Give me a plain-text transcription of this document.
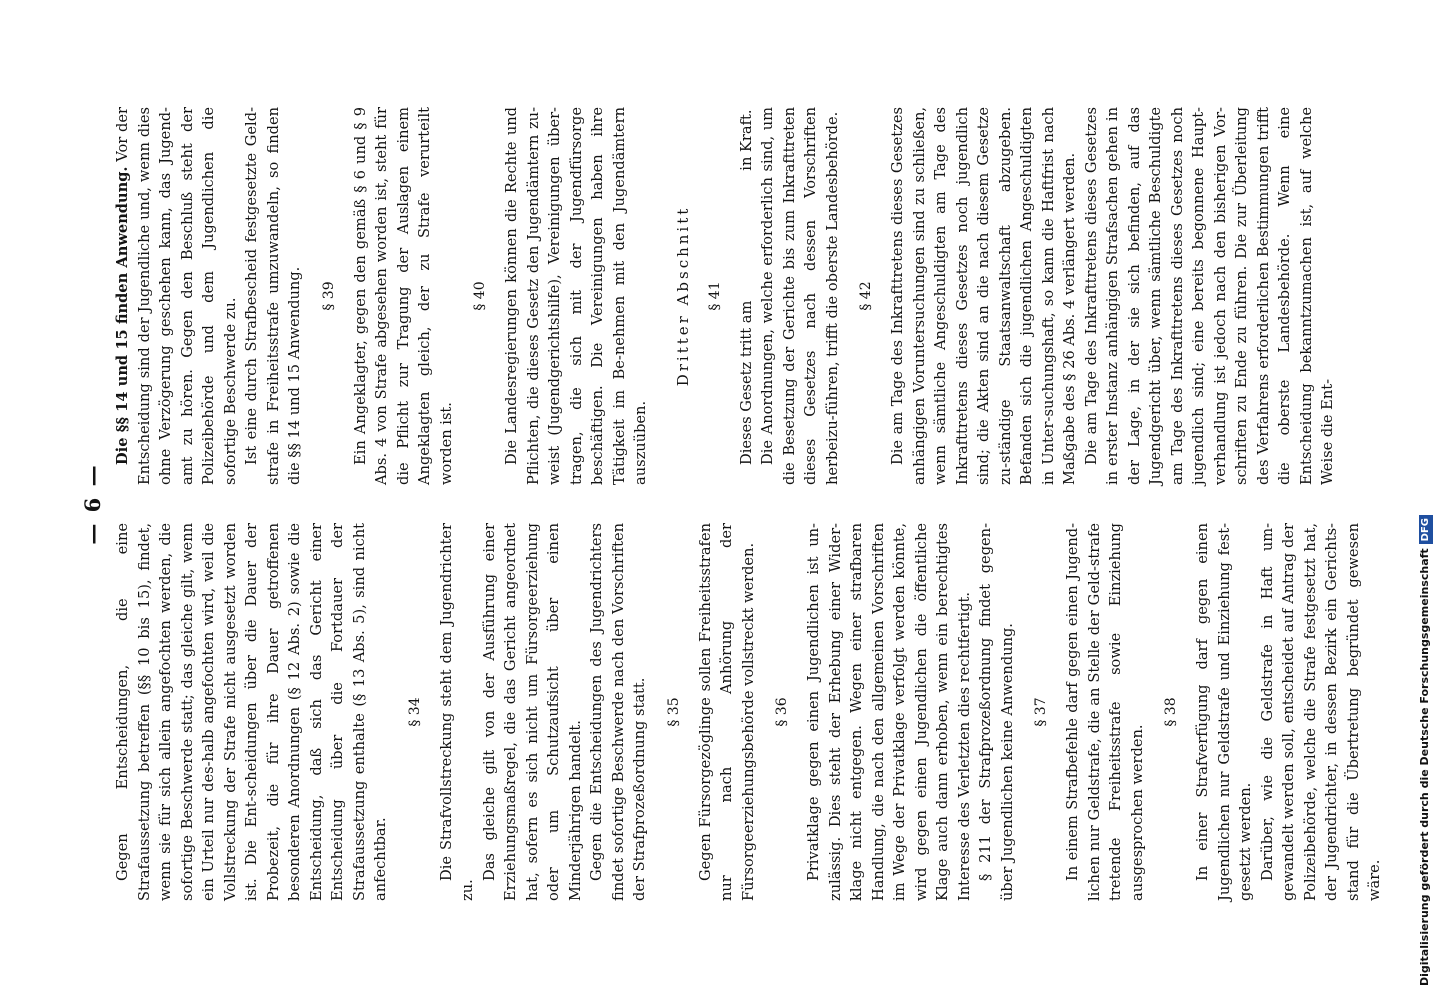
— 6 —

Gegen Entscheidungen, die eine Strafaussetzung betreffen (§§ 10 bis 15), findet, wenn sie für sich allein angefochten werden, die sofortige Beschwerde statt; das gleiche gilt, wenn ein Urteil nur des-halb angefochten wird, weil die Vollstreckung der Strafe nicht ausgesetzt worden ist. Die Ent-scheidungen über die Dauer der Probezeit, die für ihre Dauer getroffenen besonderen Anordnungen (§ 12 Abs. 2) sowie die Entscheidung, daß sich das Gericht einer Entscheidung über die Fortdauer der Strafaussetzung enthalte (§ 13 Abs. 5), sind nicht anfechtbar.

§ 34 Die Strafvollstreckung steht dem Jugendrichter zu.

Das gleiche gilt von der Ausführung einer Erziehungsmaßregel, die das Gericht angeordnet hat, sofern es sich nicht um Fürsorgeerziehung oder um Schutzaufsicht über einen Minderjährigen handelt. Gegen die Entscheidungen des Jugendrichters findet sofortige Beschwerde nach den Vorschriften der Strafprozeßordnung statt. § 35 Gegen Fürsorgezöglinge sollen Freiheitsstrafen nur nach Anhörung der Fürsorgeerziehungsbehörde vollstreckt werden. § 36 Privatklage gegen einen Jugendlichen ist un-zulässig. Dies steht der Erhebung einer Wider-klage nicht entgegen. Wegen einer strafbaren Handlung, die nach den allgemeinen Vorschriften im Wege der Privatklage verfolgt werden könnte, wird gegen einen Jugendlichen die öffentliche Klage auch dann erhoben, wenn ein berechtigtes Interesse des Verletzten dies rechtfertigt. § 211 der Strafprozeßordnung findet gegen-über Jugendlichen keine Anwendung. § 37 In einem Strafbefehle darf gegen einen Jugend-lichen nur Geldstrafe, die an Stelle der Geld-strafe tretende Freiheitsstrafe sowie Einziehung ausgesprochen werden.

§ 38 In einer Strafverfügung darf gegen einen Jugendlichen nur Geldstrafe und Einziehung fest-gesetzt werden. Darüber, wie die Geldstrafe in Haft um-gewandelt werden soll, entscheidet auf Antrag der Polizeibehörde, welche die Strafe festgesetzt hat, der Jugendrichter, in dessen Bezirk ein Gerichts-stand für die Übertretung begründet gewesen wäre.

Die §§ 14 und 15 finden Anwendung. Vor der Entscheidung sind der Jugendliche und, wenn dies ohne Verzögerung geschehen kann, das Jugend-amt zu hören. Gegen den Beschluß steht der Polizeibehörde und dem Jugendlichen die sofortige Beschwerde zu. Ist eine durch Strafbescheid festgesetzte Geld-strafe in Freiheitsstrafe umzuwandeln, so finden die §§ 14 und 15 Anwendung. § 39 Ein Angeklagter, gegen den gemäß § 6 und § 9 Abs. 4 von Strafe abgesehen worden ist, steht für die Pflicht zur Tragung der Auslagen einem Angeklagten gleich, der zu Strafe verurteilt worden ist.

§ 40 Die Landesregierungen können die Rechte und Pflichten, die dieses Gesetz den Jugendämtern zu-weist (Jugendgerichtshilfe), Vereinigungen über-tragen, die sich mit der Jugendfürsorge beschäftigen. Die Vereinigungen haben ihre Tätigkeit im Be-nehmen mit den Jugendämtern auszuüben.

Dritter Abschnitt § 41

Dieses Gesetz tritt amin Kraft. Die Anordnungen, welche erforderlich sind, um die Besetzung der Gerichte bis zum Inkrafttreten dieses Gesetzes nach dessen Vorschriften herbeizu-führen, trifft die oberste Landesbehörde. § 42 Die am Tage des Inkrafttretens dieses Gesetzes anhängigen Voruntersuchungen sind zu schließen, wenn sämtliche Angeschuldigten am Tage des Inkrafttretens dieses Gesetzes noch jugendlich sind; die Akten sind an die nach diesem Gesetze zu-ständige Staatsanwaltschaft abzugeben. Befanden sich die jugendlichen Angeschuldigten in Unter-suchungshaft, so kann die Haftfrist nach Maßgabe des § 26 Abs. 4 verlängert werden. Die am Tage des Inkrafttretens dieses Gesetzes in erster Instanz anhängigen Strafsachen gehen in der Lage, in der sie sich befinden, auf das Jugendgericht über, wenn sämtliche Beschuldigte am Tage des Inkrafttretens dieses Gesetzes noch jugendlich sind; eine bereits begonnene Haupt-verhandlung ist jedoch nach den bisherigen Vor-schriften zu Ende zu führen. Die zur Überleitung des Verfahrens erforderlichen Bestimmungen trifft die oberste Landesbehörde. Wenn eine Entscheidung bekanntzumachen ist, auf welche Weise die Ent-

Digitalisierung gefördert durch die Deutsche ForschungsgemeinschaftDFG
